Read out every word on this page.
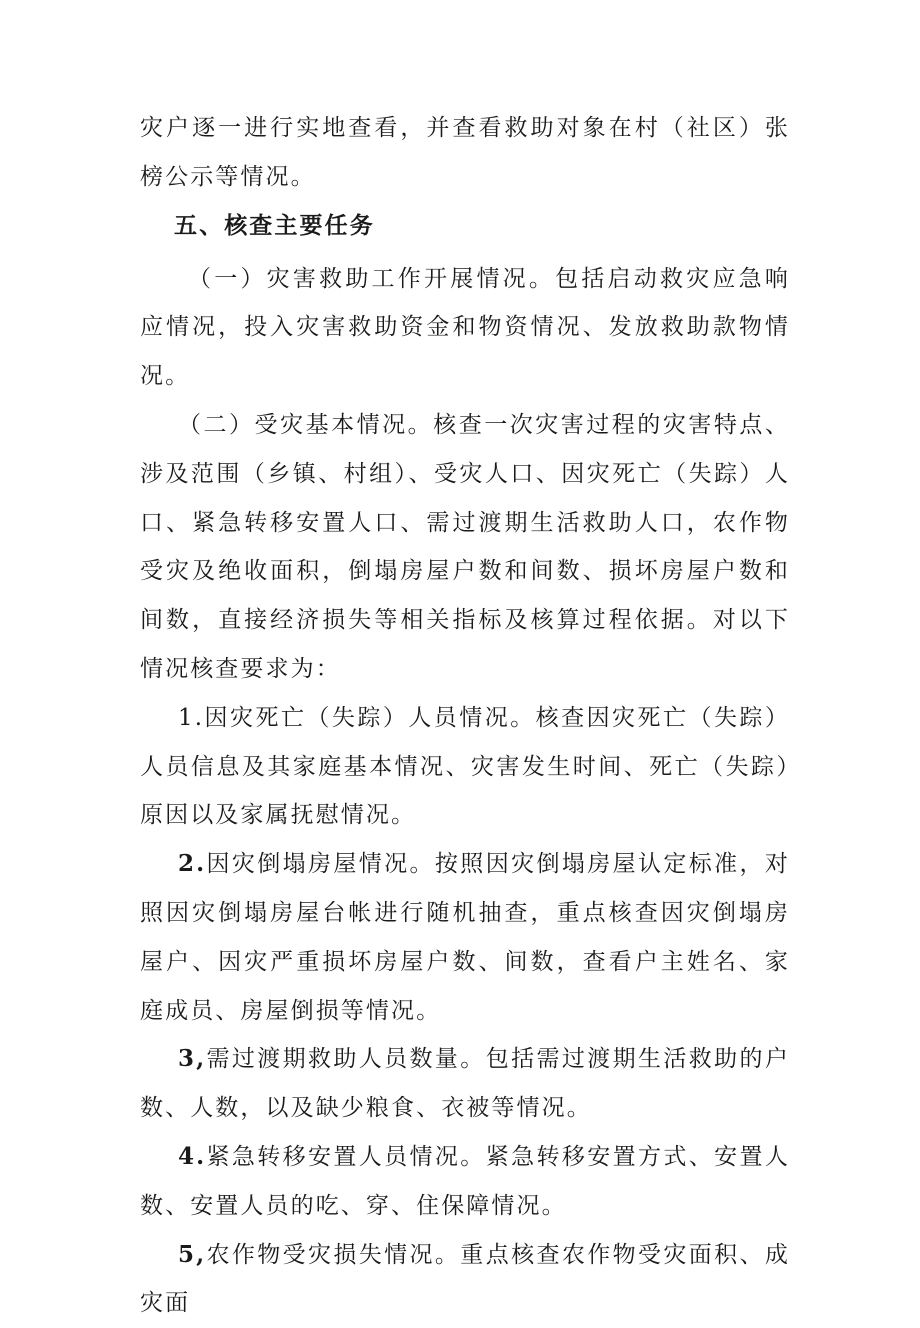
灾户逐一进行实地查看，并查看救助对象在村（社区）张榜公示等情况。

五、核查主要任务

（一）灾害救助工作开展情况。包括启动救灾应急响应情况，投入灾害救助资金和物资情况、发放救助款物情况。

（二）受灾基本情况。核查一次灾害过程的灾害特点、涉及范围（乡镇、村组）、受灾人口、因灾死亡（失踪）人口、紧急转移安置人口、需过渡期生活救助人口，农作物受灾及绝收面积，倒塌房屋户数和间数、损坏房屋户数和间数，直接经济损失等相关指标及核算过程依据。对以下情况核查要求为：

1.因灾死亡（失踪）人员情况。核查因灾死亡（失踪）人员信息及其家庭基本情况、灾害发生时间、死亡（失踪）原因以及家属抚慰情况。

2.因灾倒塌房屋情况。按照因灾倒塌房屋认定标准，对照因灾倒塌房屋台帐进行随机抽查，重点核查因灾倒塌房屋户、因灾严重损坏房屋户数、间数，查看户主姓名、家庭成员、房屋倒损等情况。

3,需过渡期救助人员数量。包括需过渡期生活救助的户数、人数，以及缺少粮食、衣被等情况。

4.紧急转移安置人员情况。紧急转移安置方式、安置人数、安置人员的吃、穿、住保障情况。

5,农作物受灾损失情况。重点核查农作物受灾面积、成灾面
